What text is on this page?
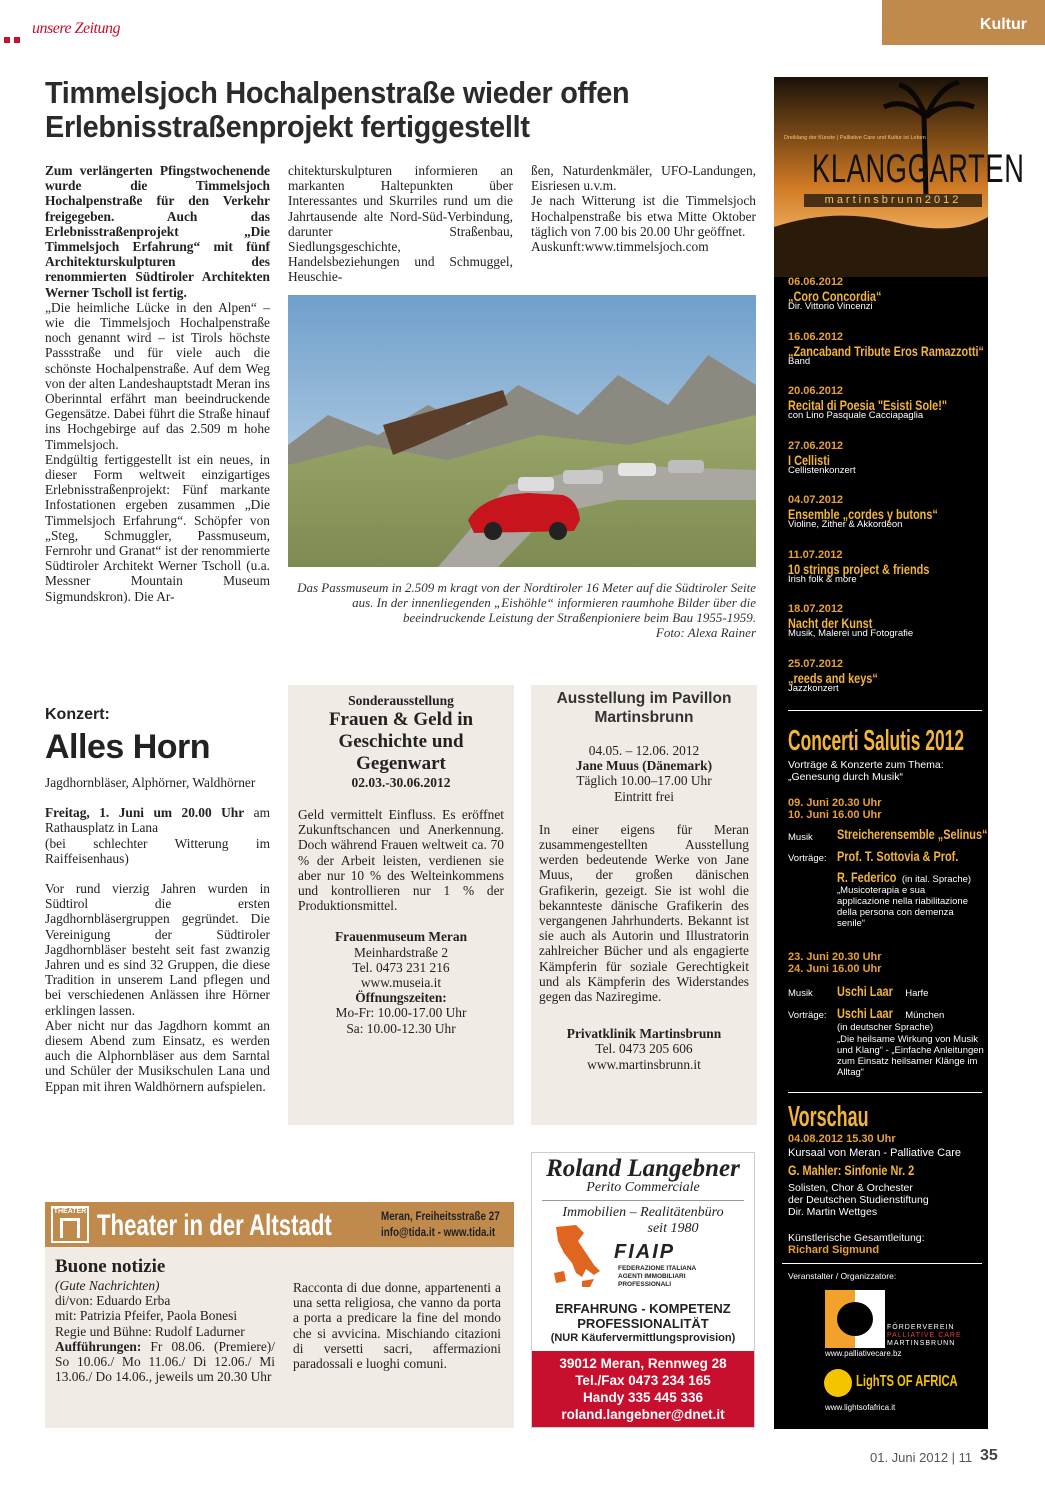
unsere Zeitung	Kultur
Timmelsjoch Hochalpenstraße wieder offen
Erlebnisstraßenprojekt fertiggestellt

Zum verlängerten Pfingstwochenende wurde die Timmelsjoch Hochalpenstraße für den Verkehr freigegeben. Auch das Erlebnisstraßenprojekt „Die Timmelsjoch Erfahrung“ mit fünf Architekturskulpturen des renommierten Südtiroler Architekten Werner Tscholl ist fertig.

„Die heimliche Lücke in den Alpen“ – wie die Timmelsjoch Hochalpenstraße noch genannt wird – ist Tirols höchste Passstraße und für viele auch die schönste Hochalpenstraße. Auf dem Weg von der alten Landeshauptstadt Meran ins Oberinntal erfährt man beeindruckende Gegensätze. Dabei führt die Straße hinauf ins Hochgebirge auf das 2.509 m hohe Timmelsjoch.

Endgültig fertiggestellt ist ein neues, in dieser Form weltweit einzigartiges Erlebnisstraßenprojekt: Fünf markante Infostationen ergeben zusammen „Die Timmelsjoch Erfahrung“. Schöpfer von „Steg, Schmuggler, Passmuseum, Fernrohr und Granat“ ist der renommierte Südtiroler Architekt Werner Tscholl (u.a. Messner Mountain Museum Sigmundskron). Die Ar-

chitekturskulpturen informieren an markanten Haltepunkten über Interessantes und Skurriles rund um die Jahrtausende alte Nord-Süd-Verbindung, darunter Straßenbau, Siedlungsgeschichte, Handelsbeziehungen und Schmuggel, Heuschie-

ßen, Naturdenkmäler, UFO-Landungen, Eisriesen u.v.m.

Je nach Witterung ist die Timmelsjoch Hochalpenstraße bis etwa Mitte Oktober täglich von 7.00 bis 20.00 Uhr geöffnet.

Auskunft:www.timmelsjoch.com

Das Passmuseum in 2.509 m kragt von der Nordtiroler 16 Meter auf die Südtiroler Seite aus. In der innenliegenden „Eishöhle“ informieren raumhohe Bilder über die beeindruckende Leistung der Straßenpioniere beim Bau 1955-1959.

Foto: Alexa Rainer

Konzert:
Alles Horn

Jagdhornbläser, Alphörner, Waldhörner

Freitag, 1. Juni um 20.00 Uhr am Rathausplatz in Lana

(bei schlechter Witterung im Raiffeisenhaus)

Vor rund vierzig Jahren wurden in Südtirol die ersten Jagdhornbläsergruppen gegründet. Die Vereinigung der Südtiroler Jagdhornbläser besteht seit fast zwanzig Jahren und es sind 32 Gruppen, die diese Tradition in unserem Land pflegen und bei verschiedenen Anlässen ihre Hörner erklingen lassen.

Aber nicht nur das Jagdhorn kommt an diesem Abend zum Einsatz, es werden auch die Alphornbläser aus dem Sarntal und Schüler der Musikschulen Lana und Eppan mit ihren Waldhörnern aufspielen.

Sonderausstellung
Frauen & Geld in Geschichte und Gegenwart
02.03.-30.06.2012

Geld vermittelt Einfluss. Es eröffnet Zukunftschancen und Anerkennung. Doch während Frauen weltweit ca. 70 % der Arbeit leisten, verdienen sie aber nur 10 % des Welteinkommens und kontrollieren nur 1 % der Produktionsmittel.

Frauenmuseum Meran
Meinhardstraße 2
Tel. 0473 231 216
www.museia.it
Öffnungszeiten:
Mo-Fr: 10.00-17.00 Uhr
Sa: 10.00-12.30 Uhr
Ausstellung im Pavillon Martinsbrunn
04.05. – 12.06. 2012
Jane Muus (Dänemark)
Täglich 10.00–17.00 Uhr
Eintritt frei

In einer eigens für Meran zusammengestellten Ausstellung werden bedeutende Werke von Jane Muus, der großen dänischen Grafikerin, gezeigt. Sie ist wohl die bekannteste dänische Grafikerin des vergangenen Jahrhunderts. Bekannt ist sie auch als Autorin und Illustratorin zahlreicher Bücher und als engagierte Kämpferin für soziale Gerechtigkeit und als Kämpferin des Widerstandes gegen das Naziregime.

Privatklinik Martinsbrunn
Tel. 0473 205 606
www.martinsbrunn.it
THEATER Theater in der Altstadt	Meran, Freiheitsstraße 27
info@tida.it - www.tida.it
Buone notizie
(Gute Nachrichten)
di/von: Eduardo Erba
mit: Patrizia Pfeifer, Paola Bonesi
Regie und Bühne: Rudolf Ladurner

Aufführungen: Fr 08.06. (Premiere)/ So 10.06./ Mo 11.06./ Di 12.06./ Mi 13.06./ Do 14.06., jeweils um 20.30 Uhr

Racconta di due donne, appartenenti a una setta religiosa, che vanno da porta a porta a predicare la fine del mondo che si avvicina. Mischiando citazioni di versetti sacri, affermazioni paradossali e luoghi comuni.

Roland Langebner
Perito Commerciale
Immobilien – Realitätenbüro
seit 1980
FIAIP
FEDERAZIONE ITALIANA
AGENTI IMMOBILIARI
PROFESSIONALI
ERFAHRUNG - KOMPETENZ
PROFESSIONALITÄT
(NUR Käufervermittlungsprovision)
39012 Meran, Rennweg 28
Tel./Fax 0473 234 165
Handy 335 445 336
roland.langebner@dnet.it
Dreiklang der Künste | Palliative Care und Kultur ist Leben
KLANGGARTEN
martinsbrunn2012
06.06.2012
„Coro Concordia“
Dir. Vittorio Vincenzi
16.06.2012
„Zancaband Tribute Eros Ramazzotti“
Band
20.06.2012
Recital di Poesia "Esisti Sole!"
con Lino Pasquale Cacciapaglia
27.06.2012
I Cellisti
Cellistenkonzert
04.07.2012
Ensemble „cordes y butons“
Violine, Zither & Akkordeon
11.07.2012
10 strings project & friends
Irish folk & more
18.07.2012
Nacht der Kunst
Musik, Malerei und Fotografie
25.07.2012
„reeds and keys“
Jazzkonzert
Concerti Salutis 2012
Vorträge & Konzerte zum Thema:
„Genesung durch Musik“
09. Juni 20.30 Uhr
10. Juni 16.00 Uhr
Musik Streicherensemble „Selinus“
Vorträge: Prof. T. Sottovia & Prof.
R. Federico (in ital. Sprache)
„Musicoterapia e sua applicazione nella riabilitazione della persona con demenza senile“
23. Juni 20.30 Uhr
24. Juni 16.00 Uhr
Musik Uschi Laar Harfe
Vorträge: Uschi Laar München
(in deutscher Sprache)
„Die heilsame Wirkung von Musik und Klang“ - „Einfache Anleitungen zum Einsatz heilsamer Klänge im Alltag“
Vorschau
04.08.2012 15.30 Uhr
Kursaal von Meran - Palliative Care
G. Mahler: Sinfonie Nr. 2
Solisten, Chor & Orchester
der Deutschen Studienstiftung
Dir. Martin Wettges
Künstlerische Gesamtleitung:
Richard Sigmund
Veranstalter / Organizzatore:
FÖRDERVEREIN
PALLIATIVE CARE
MARTINSBRUNN
www.palliativecare.bz
LighTS OF AFRICA
www.lightsofafrica.it
01. Juni 2012 | 11 35
